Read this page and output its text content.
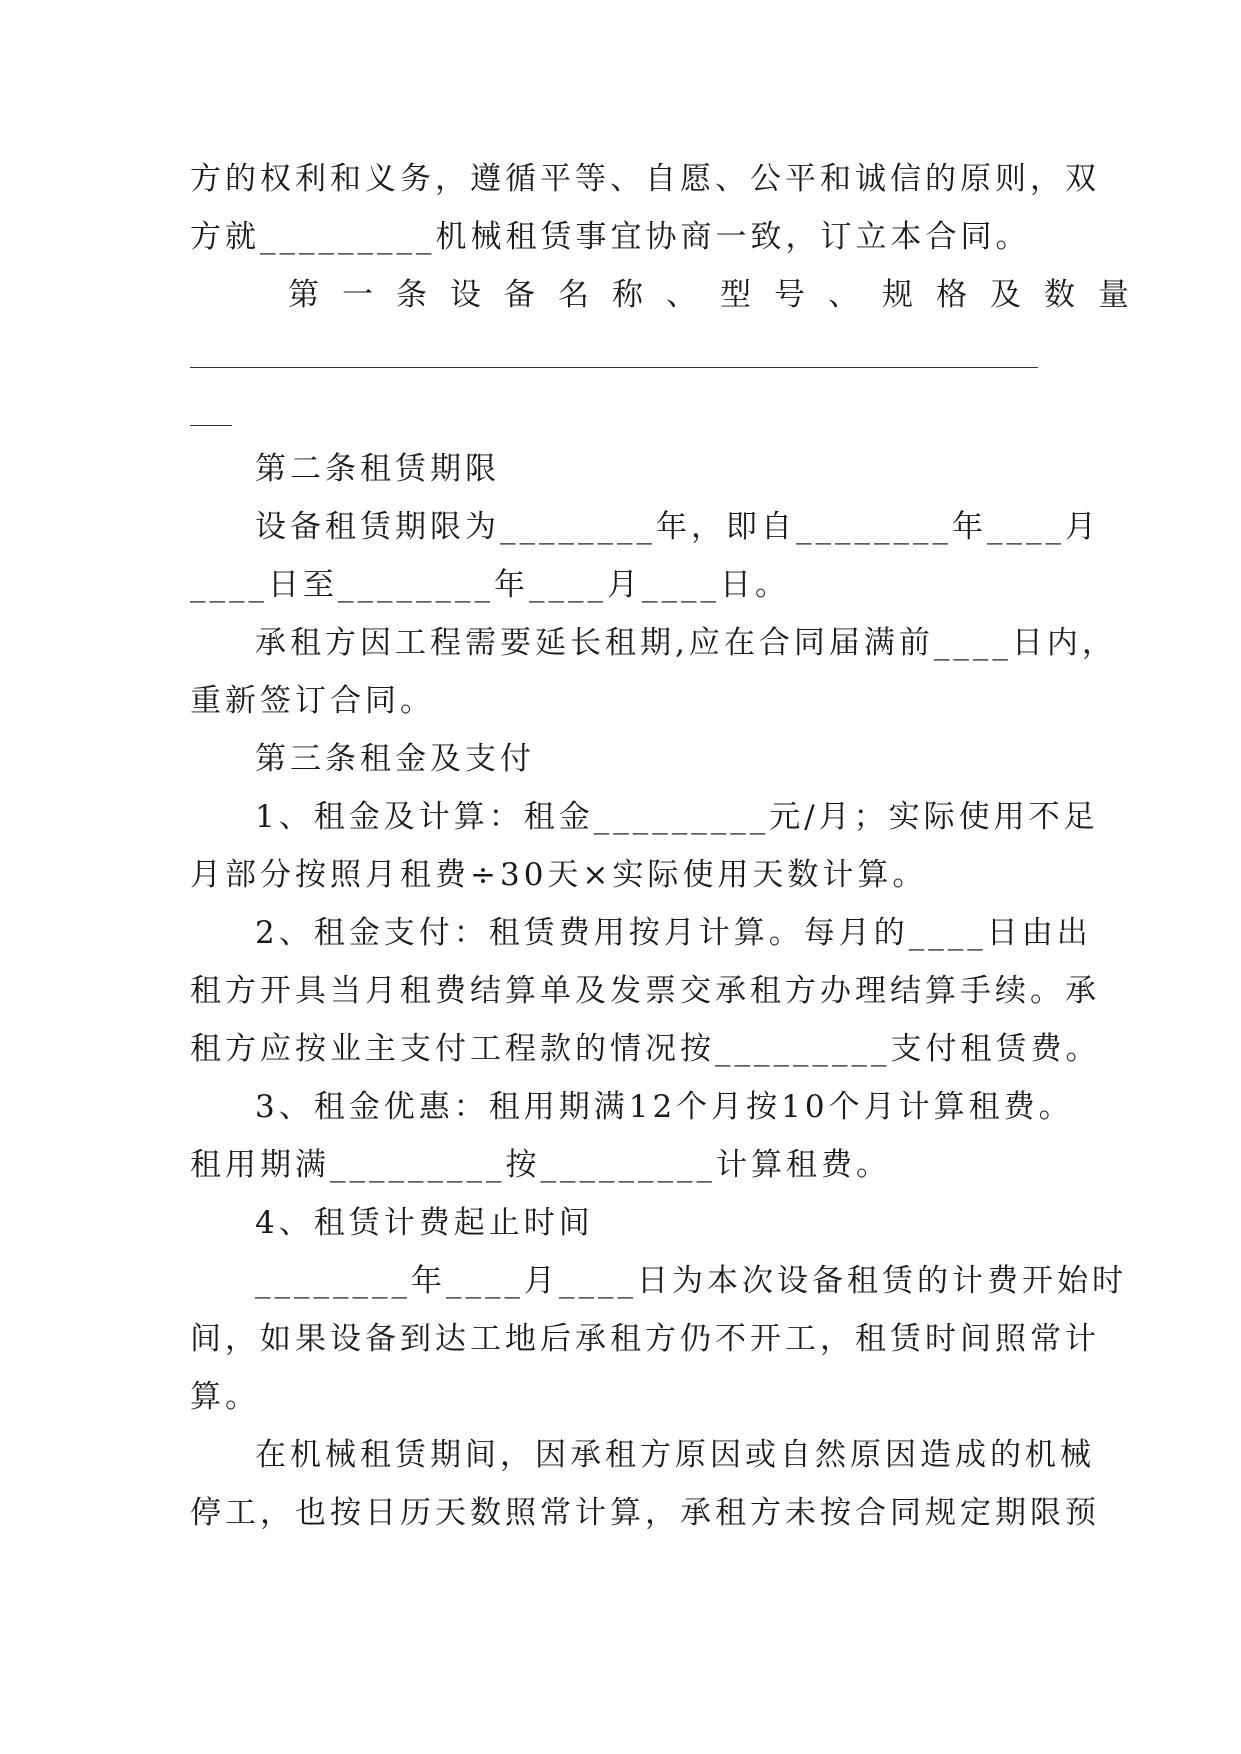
方的权利和义务，遵循平等、自愿、公平和诚信的原则，双
方就_________机械租赁事宜协商一致，订立本合同。
第一条设备名称、型号、规格及数量
第二条租赁期限
设备租赁期限为________年，即自________年____月
____日至________年____月____日。
承租方因工程需要延长租期,应在合同届满前____日内，
重新签订合同。
第三条租金及支付
1、租金及计算：租金_________元/月；实际使用不足
月部分按照月租费÷30天×实际使用天数计算。
2、租金支付：租赁费用按月计算。每月的____日由出
租方开具当月租费结算单及发票交承租方办理结算手续。承
租方应按业主支付工程款的情况按_________支付租赁费。
3、租金优惠：租用期满12个月按10个月计算租费。
租用期满_________按_________计算租费。
4、租赁计费起止时间
________年____月____日为本次设备租赁的计费开始时
间，如果设备到达工地后承租方仍不开工，租赁时间照常计
算。
在机械租赁期间，因承租方原因或自然原因造成的机械
停工，也按日历天数照常计算，承租方未按合同规定期限预
